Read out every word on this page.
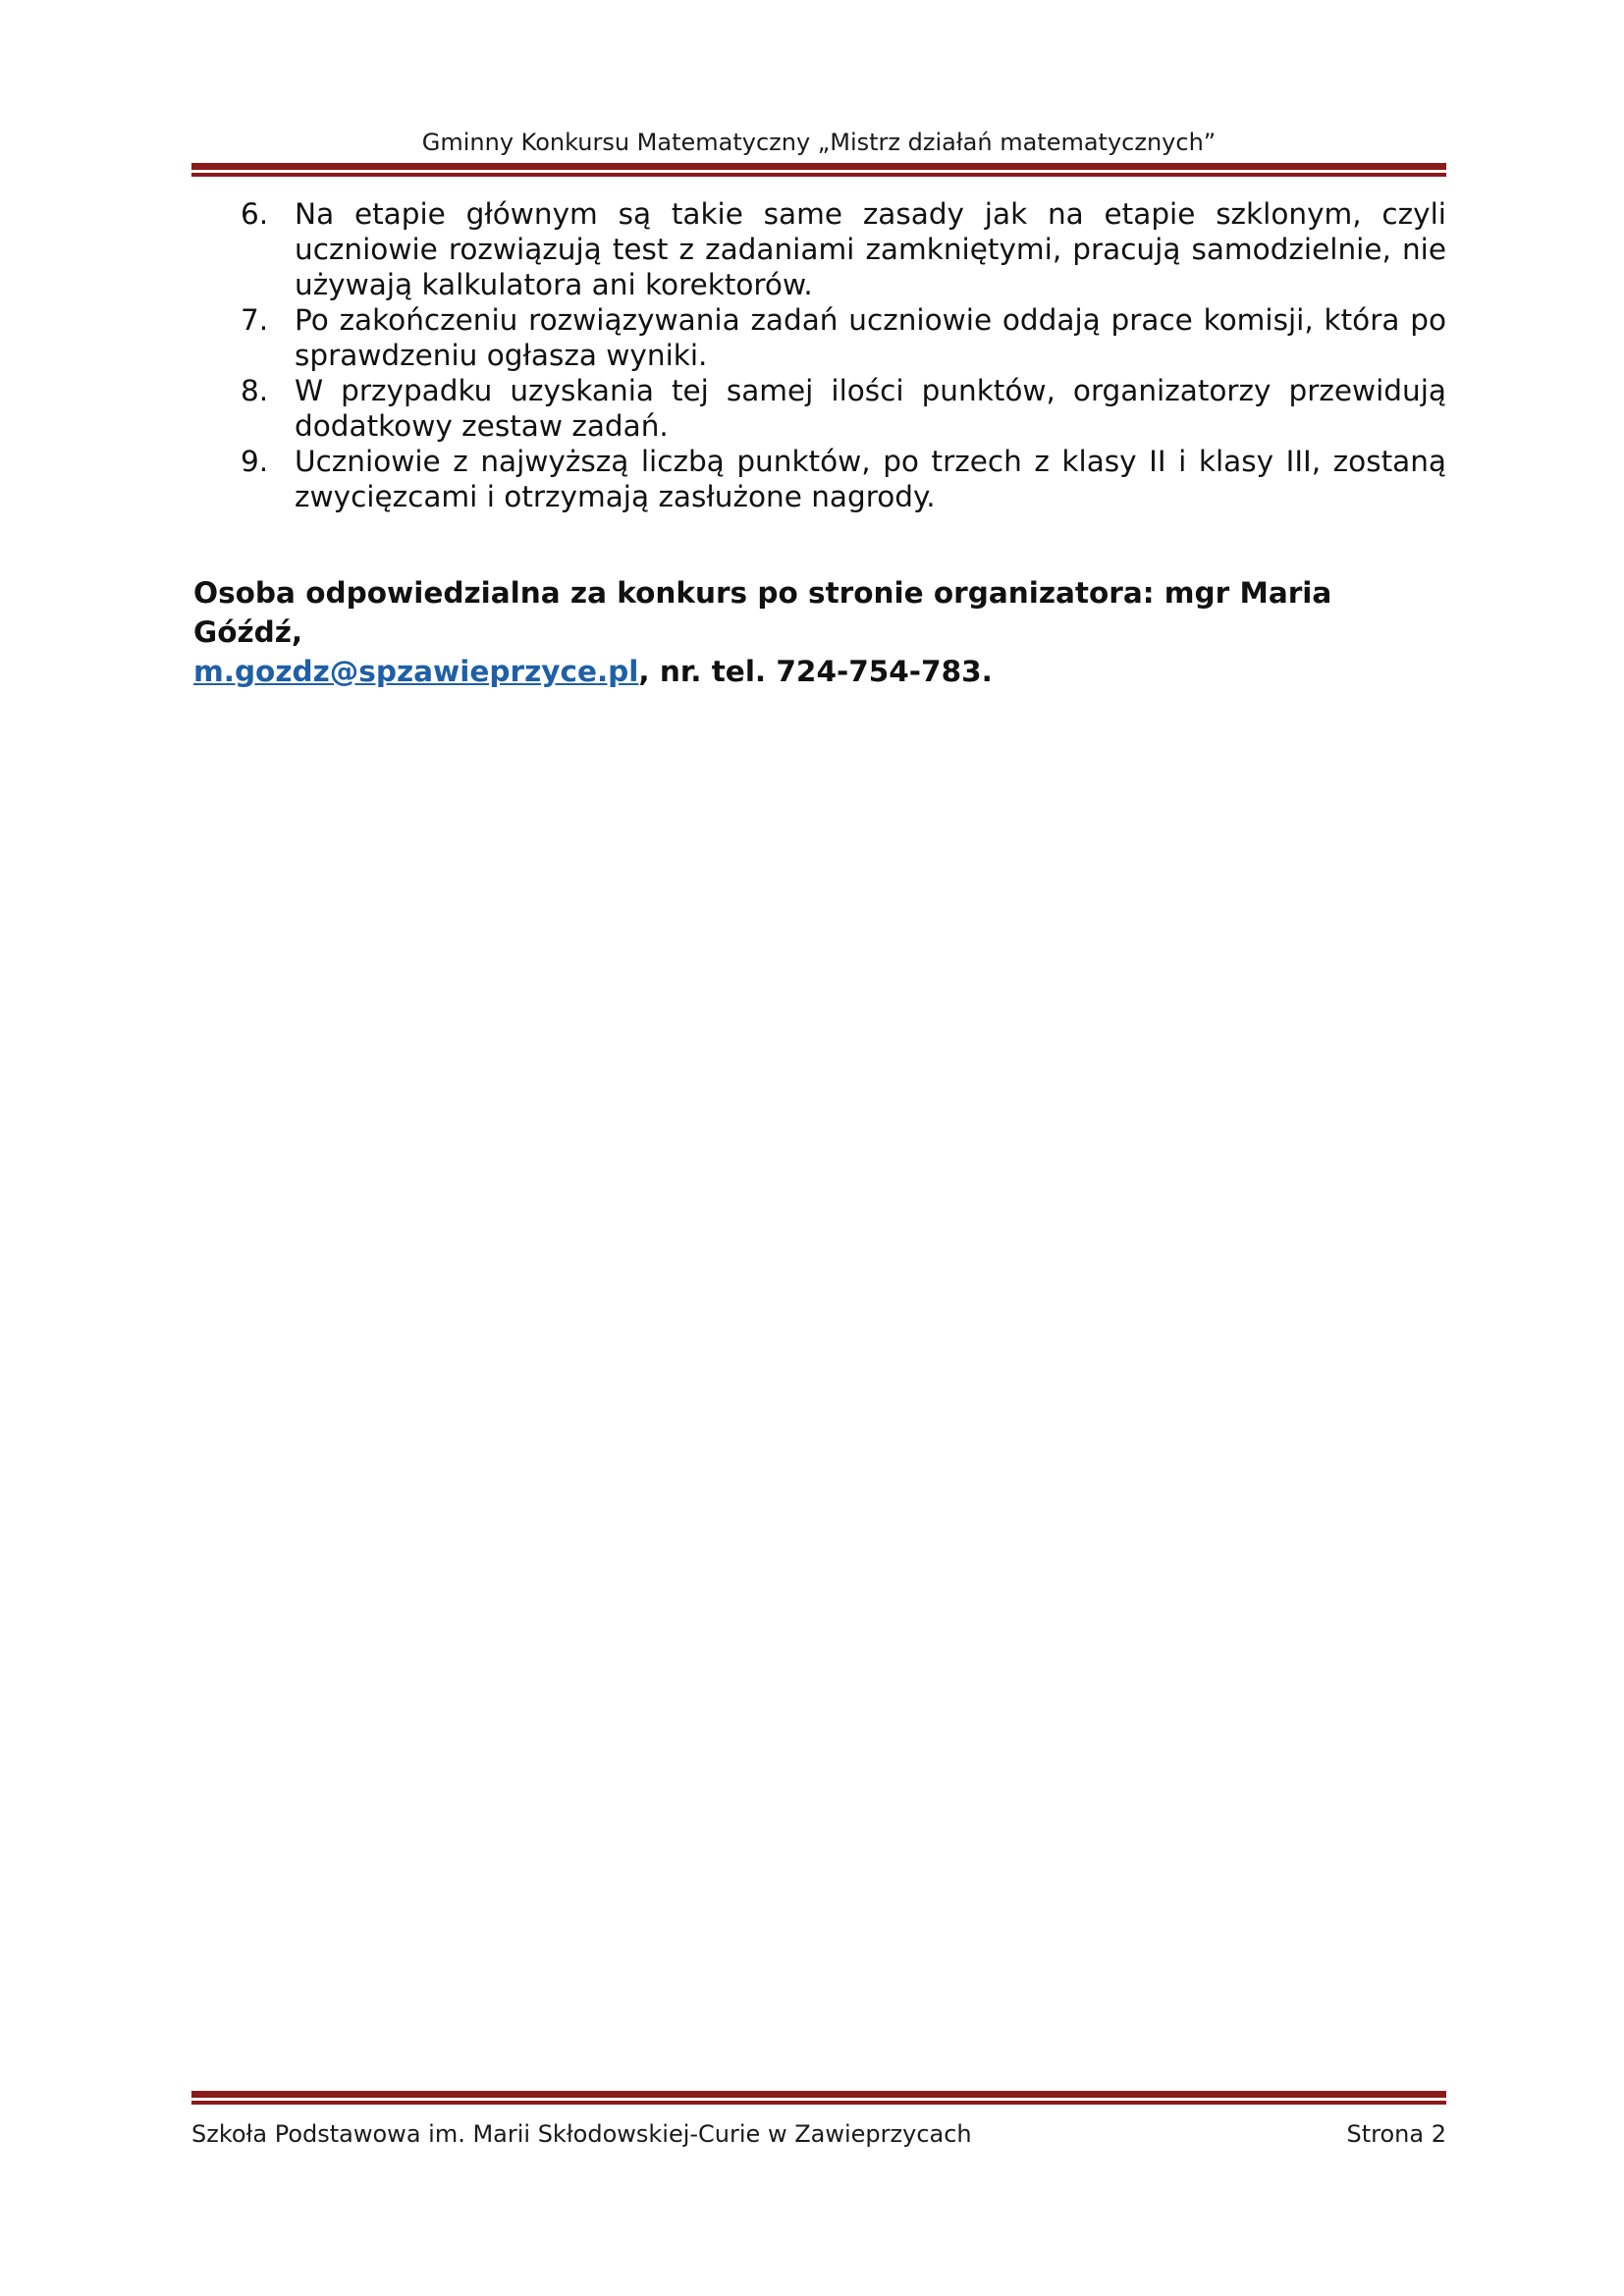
Gminny Konkursu Matematyczny „Mistrz działań matematycznych”
6. Na etapie głównym są takie same zasady jak na etapie szklonym, czyli uczniowie rozwiązują test z zadaniami zamkniętymi, pracują samodzielnie, nie używają kalkulatora ani korektorów.
7. Po zakończeniu rozwiązywania zadań uczniowie oddają prace komisji, która po sprawdzeniu ogłasza wyniki.
8. W przypadku uzyskania tej samej ilości punktów, organizatorzy przewidują dodatkowy zestaw zadań.
9. Uczniowie z najwyższą liczbą punktów, po trzech z klasy II i klasy III, zostaną zwycięzcami i otrzymają zasłużone nagrody.
Osoba odpowiedzialna za konkurs po stronie organizatora: mgr Maria Góźdź,
m.gozdz@spzawieprzyce.pl, nr. tel. 724-754-783.
Szkoła Podstawowa im. Marii Skłodowskiej-Curie w Zawieprzycach	Strona 2
